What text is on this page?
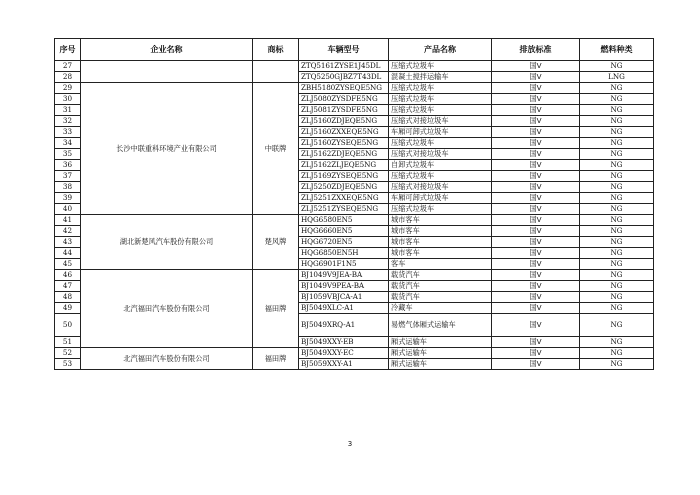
序号	企业名称	商标	车辆型号	产品名称	排放标准	燃料种类
27			ZTQ5161ZYSE1J45DL	压缩式垃圾车	国Ⅴ	NG
28			ZTQ5250GJBZ7T43DL	混凝土搅拌运输车	国Ⅴ	LNG
29	长沙中联重科环境产业有限公司	中联牌	ZBH5180ZYSEQE5NG	压缩式垃圾车	国Ⅴ	NG
30			ZLJ5080ZYSDFE5NG	压缩式垃圾车	国Ⅴ	NG
31			ZLJ5081ZYSDFE5NG	压缩式垃圾车	国Ⅴ	NG
32			ZLJ5160ZDJEQE5NG	压缩式对接垃圾车	国Ⅴ	NG
33			ZLJ5160ZXXEQE5NG	车厢可卸式垃圾车	国Ⅴ	NG
34			ZLJ5160ZYSEQE5NG	压缩式垃圾车	国Ⅴ	NG
35			ZLJ5162ZDJEQE5NG	压缩式对接垃圾车	国Ⅴ	NG
36			ZLJ5162ZLJEQE5NG	自卸式垃圾车	国Ⅴ	NG
37			ZLJ5169ZYSEQE5NG	压缩式垃圾车	国Ⅴ	NG
38			ZLJ5250ZDJEQE5NG	压缩式对接垃圾车	国Ⅴ	NG
39			ZLJ5251ZXXEQE5NG	车厢可卸式垃圾车	国Ⅴ	NG
40			ZLJ5251ZYSEQE5NG	压缩式垃圾车	国Ⅴ	NG
41	湖北新楚风汽车股份有限公司	楚风牌	HQG6580EN5	城市客车	国Ⅴ	NG
42			HQG6660EN5	城市客车	国Ⅴ	NG
43			HQG6720EN5	城市客车	国Ⅴ	NG
44			HQG6850EN5H	城市客车	国Ⅴ	NG
45			HQG6901F1N5	客车	国Ⅴ	NG
46	北汽福田汽车股份有限公司	福田牌	BJ1049V9JEA-BA	载货汽车	国Ⅴ	NG
47			BJ1049V9PEA-BA	载货汽车	国Ⅴ	NG
48			BJ1059VBJCA-A1	载货汽车	国Ⅴ	NG
49			BJ5049XLC-A1	冷藏车	国Ⅴ	NG
50			BJ5049XRQ-A1	易燃气体厢式运输车	国Ⅴ	NG
51			BJ5049XXY-EB	厢式运输车	国Ⅴ	NG
52	北汽福田汽车股份有限公司	福田牌	BJ5049XXY-EC	厢式运输车	国Ⅴ	NG
53			BJ5059XXY-A1	厢式运输车	国Ⅴ	NG
3
